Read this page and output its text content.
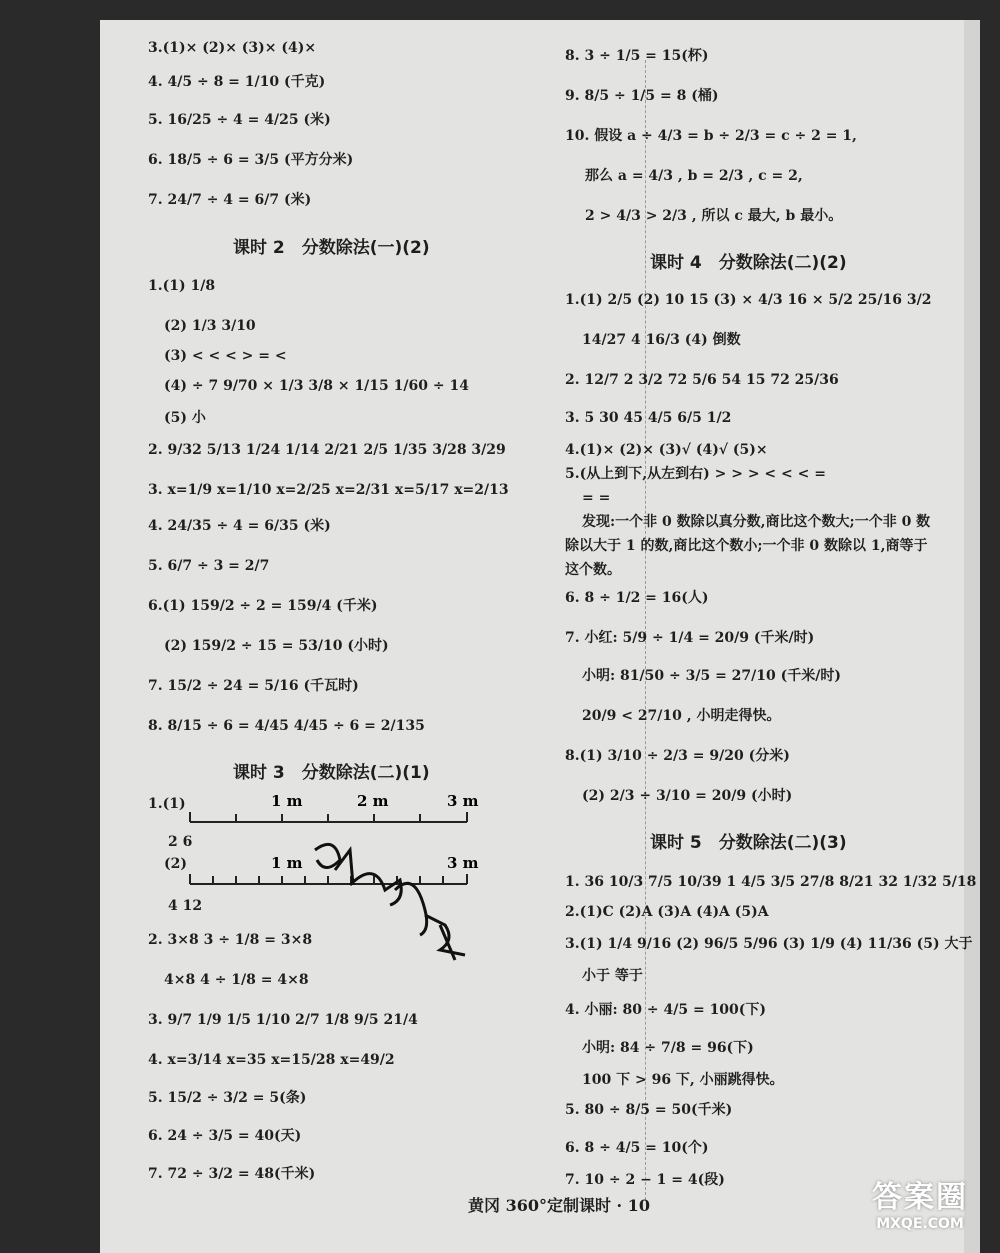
3.(1)× (2)× (3)× (4)×
4. 4/5 ÷ 8 = 1/10 (千克)
5. 16/25 ÷ 4 = 4/25 (米)
6. 18/5 ÷ 6 = 3/5 (平方分米)
7. 24/7 ÷ 4 = 6/7 (米)
课时 2　分数除法(一)(2)
1.(1) 1/8
(2) 1/3 3/10
(3) < < < > = <
(4) ÷ 7 9/70 × 1/3 3/8 × 1/15 1/60 ÷ 14
(5) 小
2. 9/32 5/13 1/24 1/14 2/21 2/5 1/35 3/28 3/29
3. x=1/9 x=1/10 x=2/25 x=2/31 x=5/17 x=2/13
4. 24/35 ÷ 4 = 6/35 (米)
5. 6/7 ÷ 3 = 2/7
6.(1) 159/2 ÷ 2 = 159/4 (千米)
(2) 159/2 ÷ 15 = 53/10 (小时)
7. 15/2 ÷ 24 = 5/16 (千瓦时)
8. 8/15 ÷ 6 = 4/45 4/45 ÷ 6 = 2/135
课时 3　分数除法(二)(1)
1.(1)	1 m	2 m	3 m
2 6
(2)	1 m	3 m
4 12
2. 3×8 3 ÷ 1/8 = 3×8
4×8 4 ÷ 1/8 = 4×8
3. 9/7 1/9 1/5 1/10 2/7 1/8 9/5 21/4
4. x=3/14 x=35 x=15/28 x=49/2
5. 15/2 ÷ 3/2 = 5(条)
6. 24 ÷ 3/5 = 40(天)
7. 72 ÷ 3/2 = 48(千米)
8. 3 ÷ 1/5 = 15(杯)
9. 8/5 ÷ 1/5 = 8 (桶)
10. 假设 a ÷ 4/3 = b ÷ 2/3 = c ÷ 2 = 1,
那么 a = 4/3 , b = 2/3 , c = 2,
2 > 4/3 > 2/3 , 所以 c 最大, b 最小。
课时 4　分数除法(二)(2)
1.(1) 2/5 (2) 10 15 (3) × 4/3 16 × 5/2 25/16 3/2
14/27 4 16/3 (4) 倒数
2. 12/7 2 3/2 72 5/6 54 15 72 25/36
3. 5 30 45 4/5 6/5 1/2
4.(1)× (2)× (3)√ (4)√ (5)×
5.(从上到下,从左到右) > > > < < < =
= =
发现:一个非 0 数除以真分数,商比这个数大;一个非 0 数
除以大于 1 的数,商比这个数小;一个非 0 数除以 1,商等于
这个数。
6. 8 ÷ 1/2 = 16(人)
7. 小红: 5/9 ÷ 1/4 = 20/9 (千米/时)
小明: 81/50 ÷ 3/5 = 27/10 (千米/时)
20/9 < 27/10 , 小明走得快。
8.(1) 3/10 ÷ 2/3 = 9/20 (分米)
(2) 2/3 ÷ 3/10 = 20/9 (小时)
课时 5　分数除法(二)(3)
1. 36 10/3 7/5 10/39 1 4/5 3/5 27/8 8/21 32 1/32 5/18
2.(1)C (2)A (3)A (4)A (5)A
3.(1) 1/4 9/16 (2) 96/5 5/96 (3) 1/9 (4) 11/36 (5) 大于
小于 等于
4. 小丽: 80 ÷ 4/5 = 100(下)
小明: 84 ÷ 7/8 = 96(下)
100 下 > 96 下, 小丽跳得快。
5. 80 ÷ 8/5 = 50(千米)
6. 8 ÷ 4/5 = 10(个)
7. 10 ÷ 2 − 1 = 4(段)
黄冈 360°定制课时 · 10	答案圈
MXQE.COM
